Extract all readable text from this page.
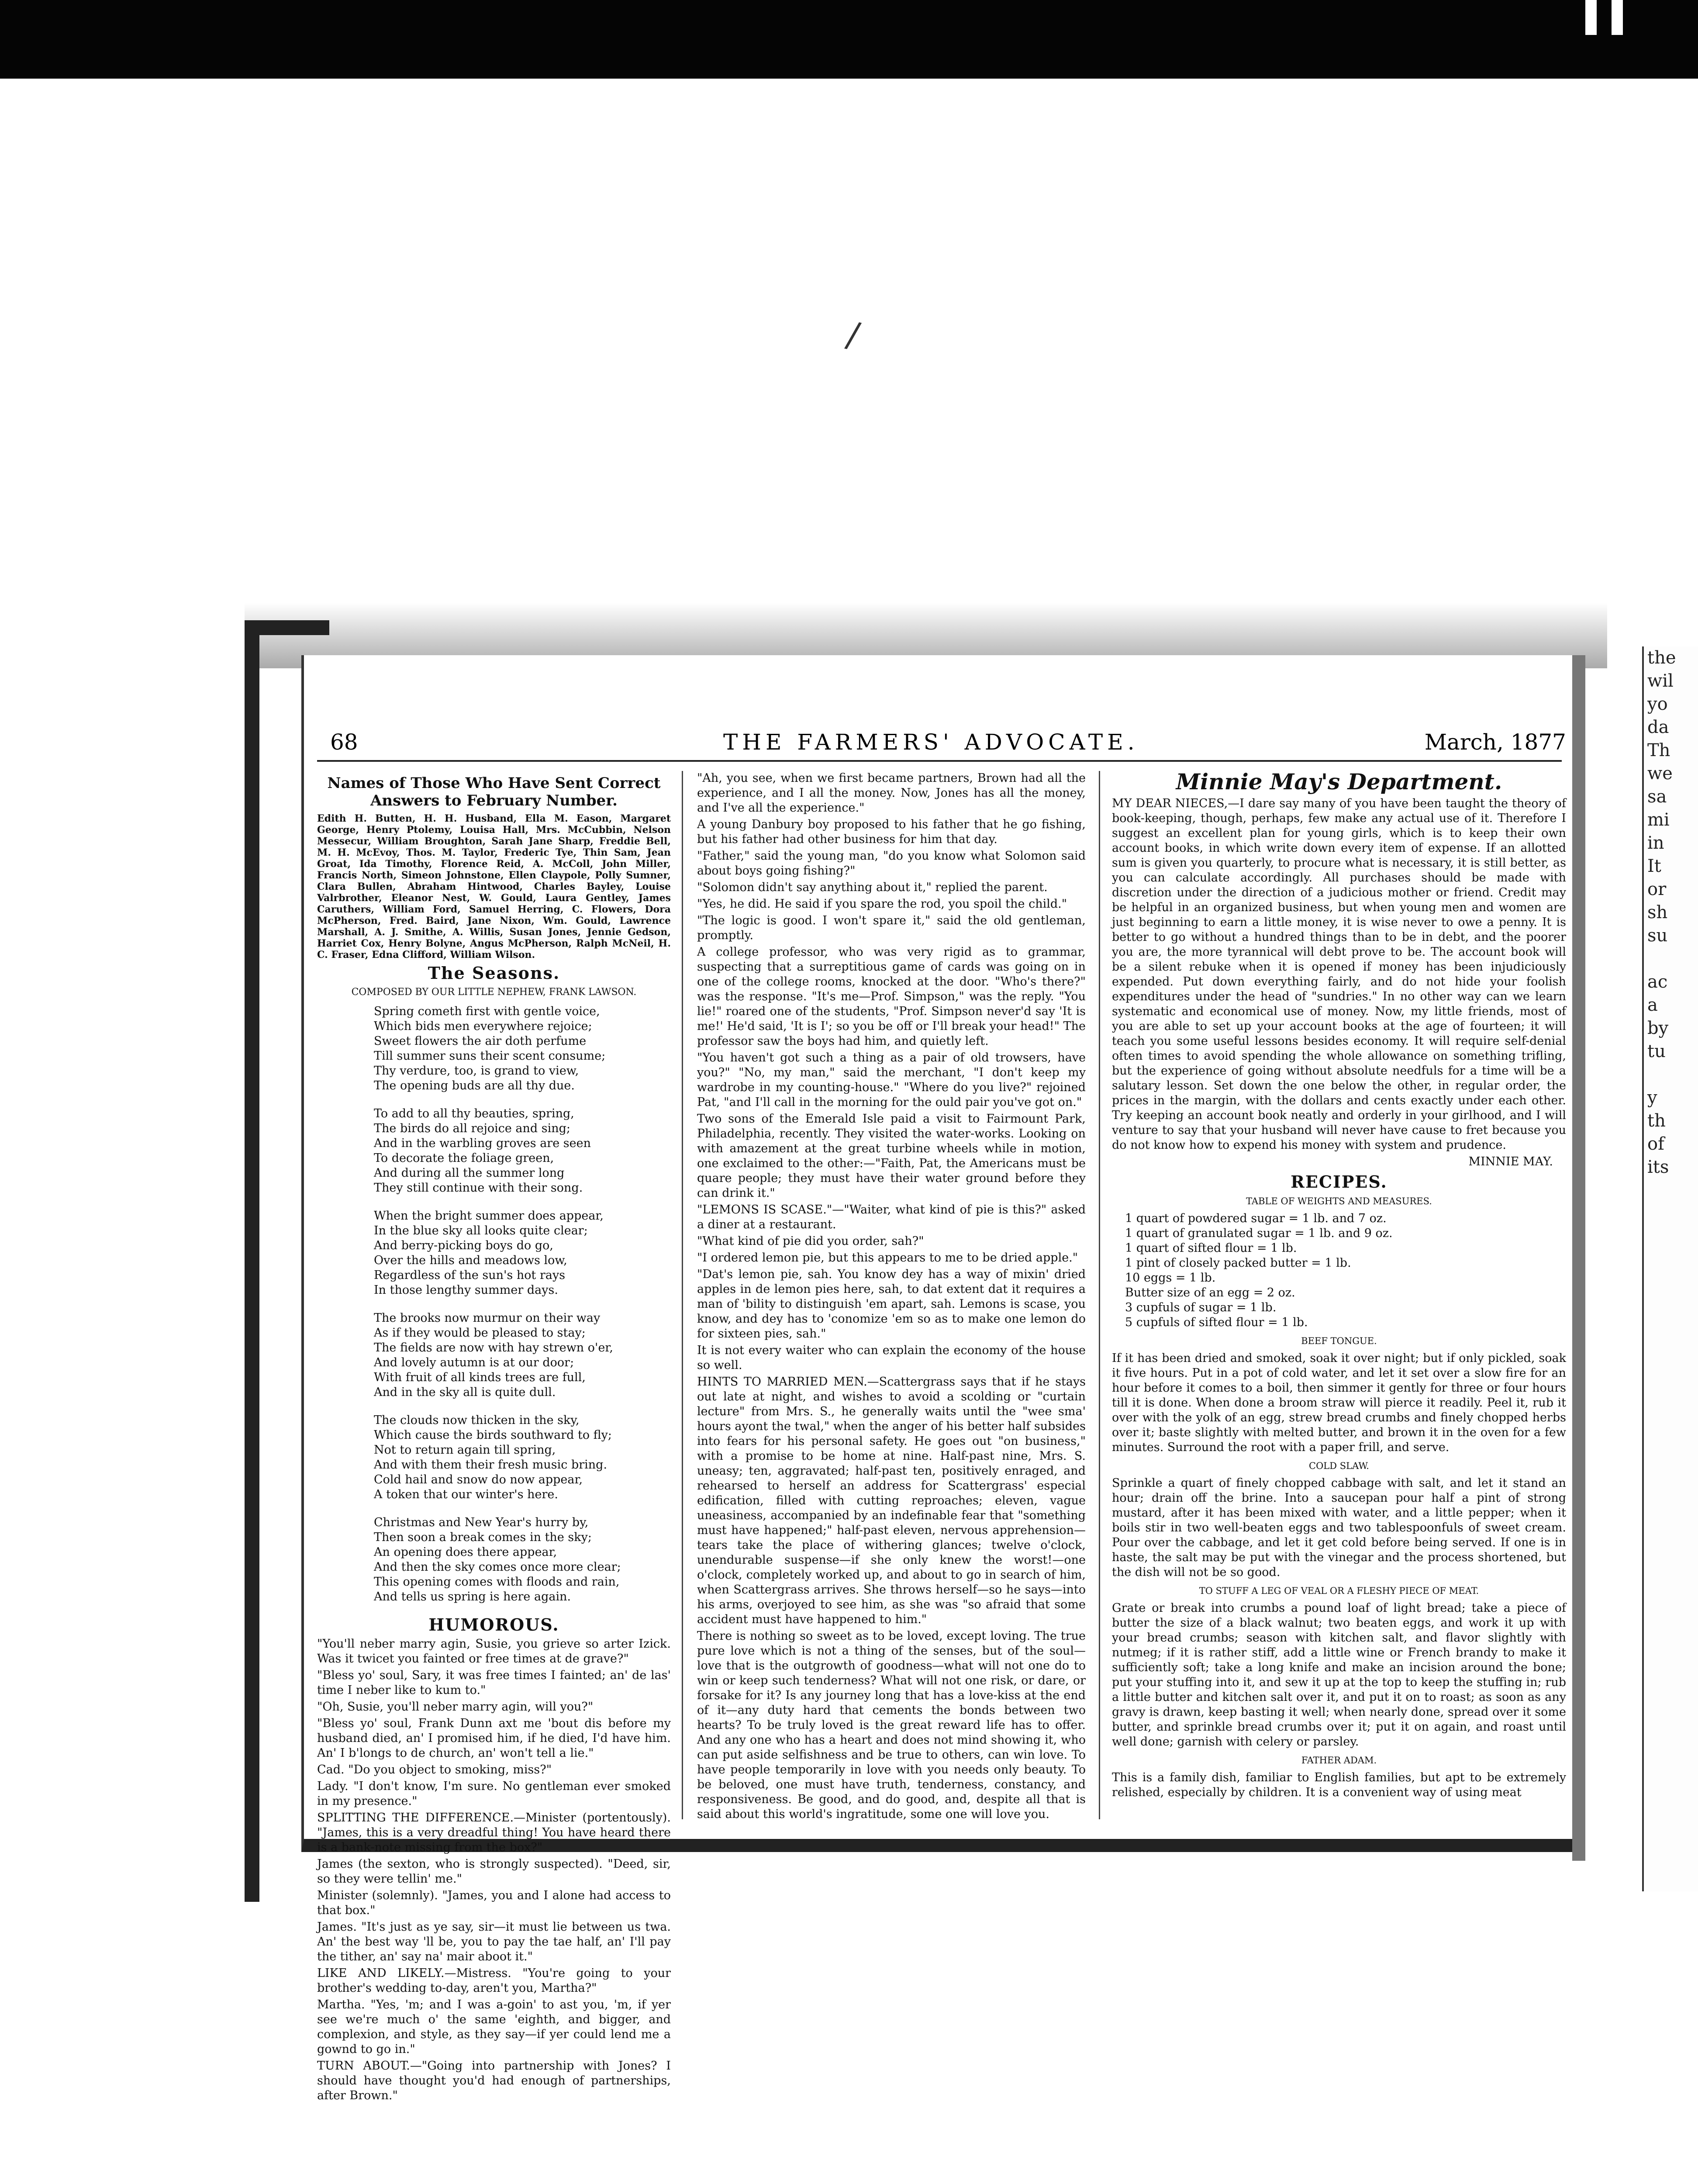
/
the
wil
yo
da
Th
we
sa
mi
in
It
or
sh
su

ac
a
by
tu

y
th
of
its
68	THE FARMERS' ADVOCATE.	March, 1877
Names of Those Who Have Sent Correct Answers to February Number.

Edith H. Butten, H. H. Husband, Ella M. Eason, Margaret George, Henry Ptolemy, Louisa Hall, Mrs. McCubbin, Nelson Messecur, William Broughton, Sarah Jane Sharp, Freddie Bell, M. H. McEvoy, Thos. M. Taylor, Frederic Tye, Thin Sam, Jean Groat, Ida Timothy, Florence Reid, A. McColl, John Miller, Francis North, Simeon Johnstone, Ellen Claypole, Polly Sumner, Clara Bullen, Abraham Hintwood, Charles Bayley, Louise Valrbrother, Eleanor Nest, W. Gould, Laura Gentley, James Caruthers, William Ford, Samuel Herring, C. Flowers, Dora McPherson, Fred. Baird, Jane Nixon, Wm. Gould, Lawrence Marshall, A. J. Smithe, A. Willis, Susan Jones, Jennie Gedson, Harriet Cox, Henry Bolyne, Angus McPherson, Ralph McNeil, H. C. Fraser, Edna Clifford, William Wilson.

The Seasons.
COMPOSED BY OUR LITTLE NEPHEW, FRANK LAWSON.
Spring cometh first with gentle voice,
Which bids men everywhere rejoice;
Sweet flowers the air doth perfume
Till summer suns their scent consume;
Thy verdure, too, is grand to view,
The opening buds are all thy due.
To add to all thy beauties, spring,
The birds do all rejoice and sing;
And in the warbling groves are seen
To decorate the foliage green,
And during all the summer long
They still continue with their song.
When the bright summer does appear,
In the blue sky all looks quite clear;
And berry-picking boys do go,
Over the hills and meadows low,
Regardless of the sun's hot rays
In those lengthy summer days.
The brooks now murmur on their way
As if they would be pleased to stay;
The fields are now with hay strewn o'er,
And lovely autumn is at our door;
With fruit of all kinds trees are full,
And in the sky all is quite dull.
The clouds now thicken in the sky,
Which cause the birds southward to fly;
Not to return again till spring,
And with them their fresh music bring.
Cold hail and snow do now appear,
A token that our winter's here.
Christmas and New Year's hurry by,
Then soon a break comes in the sky;
An opening does there appear,
And then the sky comes once more clear;
This opening comes with floods and rain,
And tells us spring is here again.
HUMOROUS.

"You'll neber marry agin, Susie, you grieve so arter Izick. Was it twicet you fainted or free times at de grave?"

"Bless yo' soul, Sary, it was free times I fainted; an' de las' time I neber like to kum to."

"Oh, Susie, you'll neber marry agin, will you?"

"Bless yo' soul, Frank Dunn axt me 'bout dis before my husband died, an' I promised him, if he died, I'd have him. An' I b'longs to de church, an' won't tell a lie."

Cad. "Do you object to smoking, miss?"

Lady. "I don't know, I'm sure. No gentleman ever smoked in my presence."

SPLITTING THE DIFFERENCE.—Minister (portentously). "James, this is a very dreadful thing! You have heard there is a bank-note missing from the box?"

James (the sexton, who is strongly suspected). "Deed, sir, so they were tellin' me."

Minister (solemnly). "James, you and I alone had access to that box."

James. "It's just as ye say, sir—it must lie between us twa. An' the best way 'll be, you to pay the tae half, an' I'll pay the tither, an' say na' mair aboot it."

LIKE AND LIKELY.—Mistress. "You're going to your brother's wedding to-day, aren't you, Martha?"

Martha. "Yes, 'm; and I was a-goin' to ast you, 'm, if yer see we're much o' the same 'eighth, and bigger, and complexion, and style, as they say—if yer could lend me a gownd to go in."

TURN ABOUT.—"Going into partnership with Jones? I should have thought you'd had enough of partnerships, after Brown."

"Ah, you see, when we first became partners, Brown had all the experience, and I all the money. Now, Jones has all the money, and I've all the experience."

A young Danbury boy proposed to his father that he go fishing, but his father had other business for him that day.

"Father," said the young man, "do you know what Solomon said about boys going fishing?"

"Solomon didn't say anything about it," replied the parent.

"Yes, he did. He said if you spare the rod, you spoil the child."

"The logic is good. I won't spare it," said the old gentleman, promptly.

A college professor, who was very rigid as to grammar, suspecting that a surreptitious game of cards was going on in one of the college rooms, knocked at the door. "Who's there?" was the response. "It's me—Prof. Simpson," was the reply. "You lie!" roared one of the students, "Prof. Simpson never'd say 'It is me!' He'd said, 'It is I'; so you be off or I'll break your head!" The professor saw the boys had him, and quietly left.

"You haven't got such a thing as a pair of old trowsers, have you?" "No, my man," said the merchant, "I don't keep my wardrobe in my counting-house." "Where do you live?" rejoined Pat, "and I'll call in the morning for the ould pair you've got on."

Two sons of the Emerald Isle paid a visit to Fairmount Park, Philadelphia, recently. They visited the water-works. Looking on with amazement at the great turbine wheels while in motion, one exclaimed to the other:—"Faith, Pat, the Americans must be quare people; they must have their water ground before they can drink it."

"LEMONS IS SCASE."—"Waiter, what kind of pie is this?" asked a diner at a restaurant.

"What kind of pie did you order, sah?"

"I ordered lemon pie, but this appears to me to be dried apple."

"Dat's lemon pie, sah. You know dey has a way of mixin' dried apples in de lemon pies here, sah, to dat extent dat it requires a man of 'bility to distinguish 'em apart, sah. Lemons is scase, you know, and dey has to 'conomize 'em so as to make one lemon do for sixteen pies, sah."

It is not every waiter who can explain the economy of the house so well.

HINTS TO MARRIED MEN.—Scattergrass says that if he stays out late at night, and wishes to avoid a scolding or "curtain lecture" from Mrs. S., he generally waits until the "wee sma' hours ayont the twal," when the anger of his better half subsides into fears for his personal safety. He goes out "on business," with a promise to be home at nine. Half-past nine, Mrs. S. uneasy; ten, aggravated; half-past ten, positively enraged, and rehearsed to herself an address for Scattergrass' especial edification, filled with cutting reproaches; eleven, vague uneasiness, accompanied by an indefinable fear that "something must have happened;" half-past eleven, nervous apprehension—tears take the place of withering glances; twelve o'clock, unendurable suspense—if she only knew the worst!—one o'clock, completely worked up, and about to go in search of him, when Scattergrass arrives. She throws herself—so he says—into his arms, overjoyed to see him, as she was "so afraid that some accident must have happened to him."

There is nothing so sweet as to be loved, except loving. The true pure love which is not a thing of the senses, but of the soul—love that is the outgrowth of goodness—what will not one do to win or keep such tenderness? What will not one risk, or dare, or forsake for it? Is any journey long that has a love-kiss at the end of it—any duty hard that cements the bonds between two hearts? To be truly loved is the great reward life has to offer. And any one who has a heart and does not mind showing it, who can put aside selfishness and be true to others, can win love. To have people temporarily in love with you needs only beauty. To be beloved, one must have truth, tenderness, constancy, and responsiveness. Be good, and do good, and, despite all that is said about this world's ingratitude, some one will love you.

Minnie May's Department.

MY DEAR NIECES,—I dare say many of you have been taught the theory of book-keeping, though, perhaps, few make any actual use of it. Therefore I suggest an excellent plan for young girls, which is to keep their own account books, in which write down every item of expense. If an allotted sum is given you quarterly, to procure what is necessary, it is still better, as you can calculate accordingly. All purchases should be made with discretion under the direction of a judicious mother or friend. Credit may be helpful in an organized business, but when young men and women are just beginning to earn a little money, it is wise never to owe a penny. It is better to go without a hundred things than to be in debt, and the poorer you are, the more tyrannical will debt prove to be. The account book will be a silent rebuke when it is opened if money has been injudiciously expended. Put down everything fairly, and do not hide your foolish expenditures under the head of "sundries." In no other way can we learn systematic and economical use of money. Now, my little friends, most of you are able to set up your account books at the age of fourteen; it will teach you some useful lessons besides economy. It will require self-denial often times to avoid spending the whole allowance on something trifling, but the experience of going without absolute needfuls for a time will be a salutary lesson. Set down the one below the other, in regular order, the prices in the margin, with the dollars and cents exactly under each other. Try keeping an account book neatly and orderly in your girlhood, and I will venture to say that your husband will never have cause to fret because you do not know how to expend his money with system and prudence.

MINNIE MAY.
RECIPES.
TABLE OF WEIGHTS AND MEASURES.
1 quart of powdered sugar = 1 lb. and 7 oz.
1 quart of granulated sugar = 1 lb. and 9 oz.
1 quart of sifted flour = 1 lb.
1 pint of closely packed butter = 1 lb.
10 eggs = 1 lb.
Butter size of an egg = 2 oz.
3 cupfuls of sugar = 1 lb.
5 cupfuls of sifted flour = 1 lb.
BEEF TONGUE.

If it has been dried and smoked, soak it over night; but if only pickled, soak it five hours. Put in a pot of cold water, and let it set over a slow fire for an hour before it comes to a boil, then simmer it gently for three or four hours till it is done. When done a broom straw will pierce it readily. Peel it, rub it over with the yolk of an egg, strew bread crumbs and finely chopped herbs over it; baste slightly with melted butter, and brown it in the oven for a few minutes. Surround the root with a paper frill, and serve.

COLD SLAW.

Sprinkle a quart of finely chopped cabbage with salt, and let it stand an hour; drain off the brine. Into a saucepan pour half a pint of strong mustard, after it has been mixed with water, and a little pepper; when it boils stir in two well-beaten eggs and two tablespoonfuls of sweet cream. Pour over the cabbage, and let it get cold before being served. If one is in haste, the salt may be put with the vinegar and the process shortened, but the dish will not be so good.

TO STUFF A LEG OF VEAL OR A FLESHY PIECE OF MEAT.

Grate or break into crumbs a pound loaf of light bread; take a piece of butter the size of a black walnut; two beaten eggs, and work it up with your bread crumbs; season with kitchen salt, and flavor slightly with nutmeg; if it is rather stiff, add a little wine or French brandy to make it sufficiently soft; take a long knife and make an incision around the bone; put your stuffing into it, and sew it up at the top to keep the stuffing in; rub a little butter and kitchen salt over it, and put it on to roast; as soon as any gravy is drawn, keep basting it well; when nearly done, spread over it some butter, and sprinkle bread crumbs over it; put it on again, and roast until well done; garnish with celery or parsley.

FATHER ADAM.

This is a family dish, familiar to English families, but apt to be extremely relished, especially by children. It is a convenient way of using meat
